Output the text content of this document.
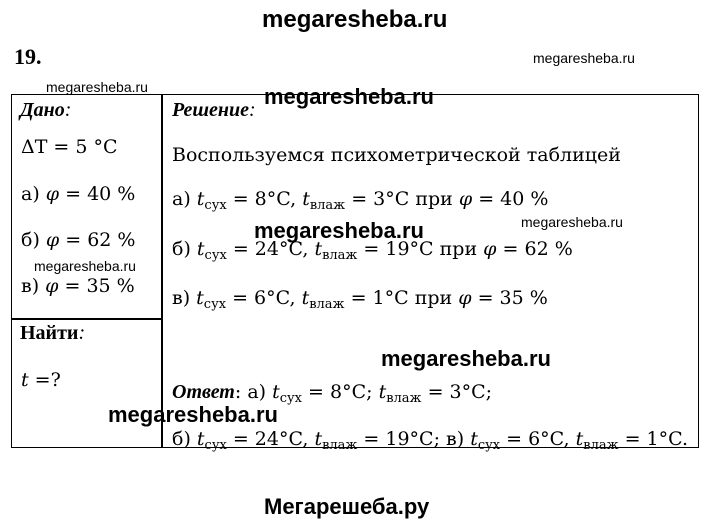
megaresheba.ru
19.	megaresheba.ru
megaresheba.ru	megaresheba.ru
Дано:
ΔT = 5 °C
а) φ = 40 %
б) φ = 62 %
megaresheba.ru
в) φ = 35 %
Найти:
t =?
Решение:
Воспользуемся психометрической таблицей
а) $t_{сух} = 8^\circ C$, $t_{влаж} = 3^\circ C$ при φ = 40 %
megaresheba.ru	megaresheba.ru
б) $t_{сух} = 24^\circ C$, $t_{влаж} = 19^\circ C$ при φ = 62 %
в) $t_{сух} = 6^\circ C$, $t_{влаж} = 1^\circ C$ при φ = 35 %
megaresheba.ru
Ответ: а) $t_{сух} = 8^\circ C$; $t_{влаж} = 3^\circ C$;
megaresheba.ru
б) $t_{сух} = 24^\circ C$, $t_{влаж} = 19^\circ C$; в) $t_{сух} = 6^\circ C$, $t_{влаж} = 1^\circ C$.
Мегарешеба.ру
